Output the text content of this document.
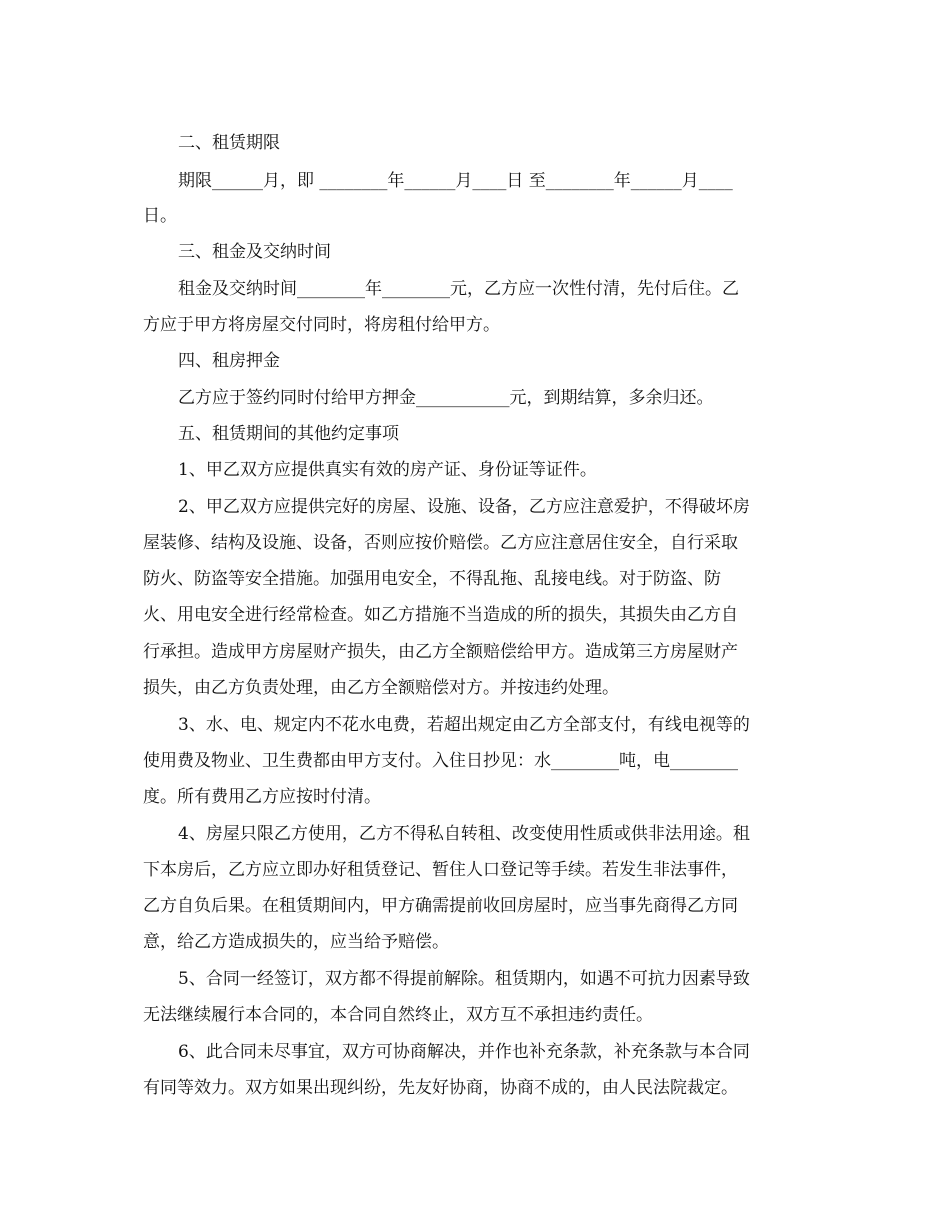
二、租赁期限
期限______月，即 ________年______月____日 至________年______月____
日。
三、租金及交纳时间
租金及交纳时间________年________元，乙方应一次性付清，先付后住。乙
方应于甲方将房屋交付同时，将房租付给甲方。
四、租房押金
乙方应于签约同时付给甲方押金___________元，到期结算，多余归还。
五、租赁期间的其他约定事项
1、甲乙双方应提供真实有效的房产证、身份证等证件。
2、甲乙双方应提供完好的房屋、设施、设备，乙方应注意爱护，不得破坏房
屋装修、结构及设施、设备，否则应按价赔偿。乙方应注意居住安全，自行采取
防火、防盗等安全措施。加强用电安全，不得乱拖、乱接电线。对于防盗、防
火、用电安全进行经常检查。如乙方措施不当造成的所的损失，其损失由乙方自
行承担。造成甲方房屋财产损失，由乙方全额赔偿给甲方。造成第三方房屋财产
损失，由乙方负责处理，由乙方全额赔偿对方。并按违约处理。
3、水、电、规定内不花水电费，若超出规定由乙方全部支付，有线电视等的
使用费及物业、卫生费都由甲方支付。入住日抄见：水________吨，电________
度。所有费用乙方应按时付清。
4、房屋只限乙方使用，乙方不得私自转租、改变使用性质或供非法用途。租
下本房后，乙方应立即办好租赁登记、暂住人口登记等手续。若发生非法事件，
乙方自负后果。在租赁期间内，甲方确需提前收回房屋时，应当事先商得乙方同
意，给乙方造成损失的，应当给予赔偿。
5、合同一经签订，双方都不得提前解除。租赁期内，如遇不可抗力因素导致
无法继续履行本合同的，本合同自然终止，双方互不承担违约责任。
6、此合同未尽事宜，双方可协商解决，并作也补充条款，补充条款与本合同
有同等效力。双方如果出现纠纷，先友好协商，协商不成的，由人民法院裁定。
